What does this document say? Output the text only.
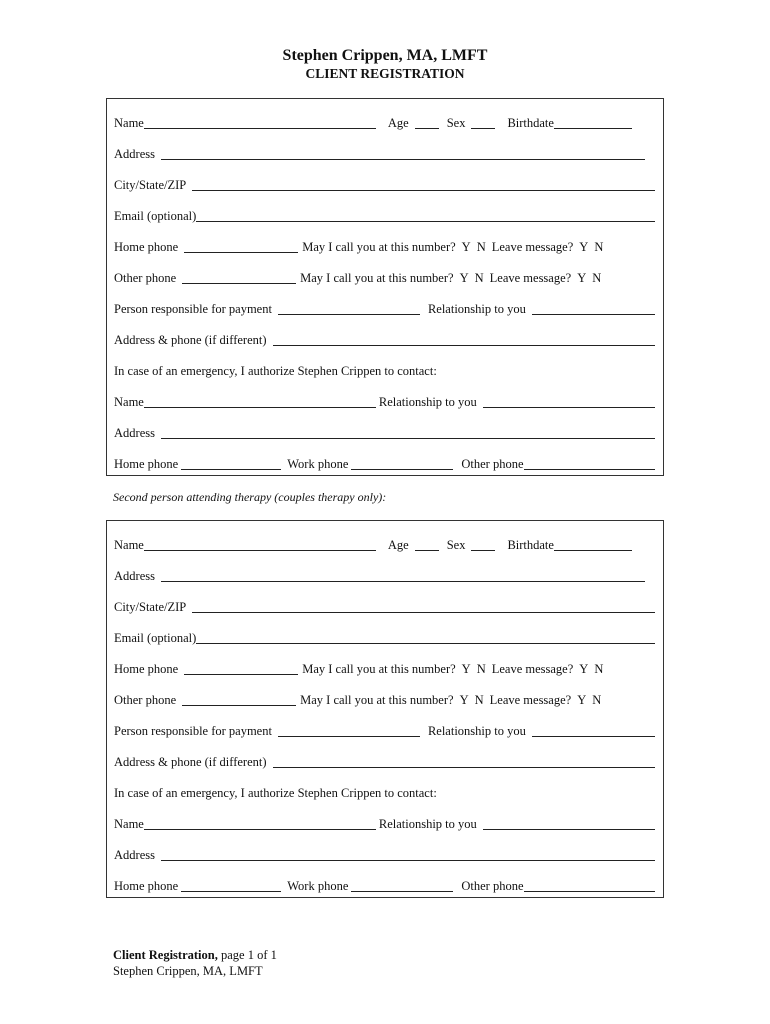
Stephen Crippen, MA, LMFT
CLIENT REGISTRATION
Name	Age	Sex	Birthdate
Address
City/State/ZIP
Email (optional)
Home phone	May I call you at this number? Y N Leave message? Y N
Other phone	May I call you at this number? Y N Leave message? Y N
Person responsible for payment	Relationship to you
Address & phone (if different)
In case of an emergency, I authorize Stephen Crippen to contact:
Name	Relationship to you
Address
Home phone	Work phone	Other phone
Second person attending therapy (couples therapy only):
Name	Age	Sex	Birthdate
Address
City/State/ZIP
Email (optional)
Home phone	May I call you at this number? Y N Leave message? Y N
Other phone	May I call you at this number? Y N Leave message? Y N
Person responsible for payment	Relationship to you
Address & phone (if different)
In case of an emergency, I authorize Stephen Crippen to contact:
Name	Relationship to you
Address
Home phone	Work phone	Other phone
Client Registration, page 1 of 1
Stephen Crippen, MA, LMFT
